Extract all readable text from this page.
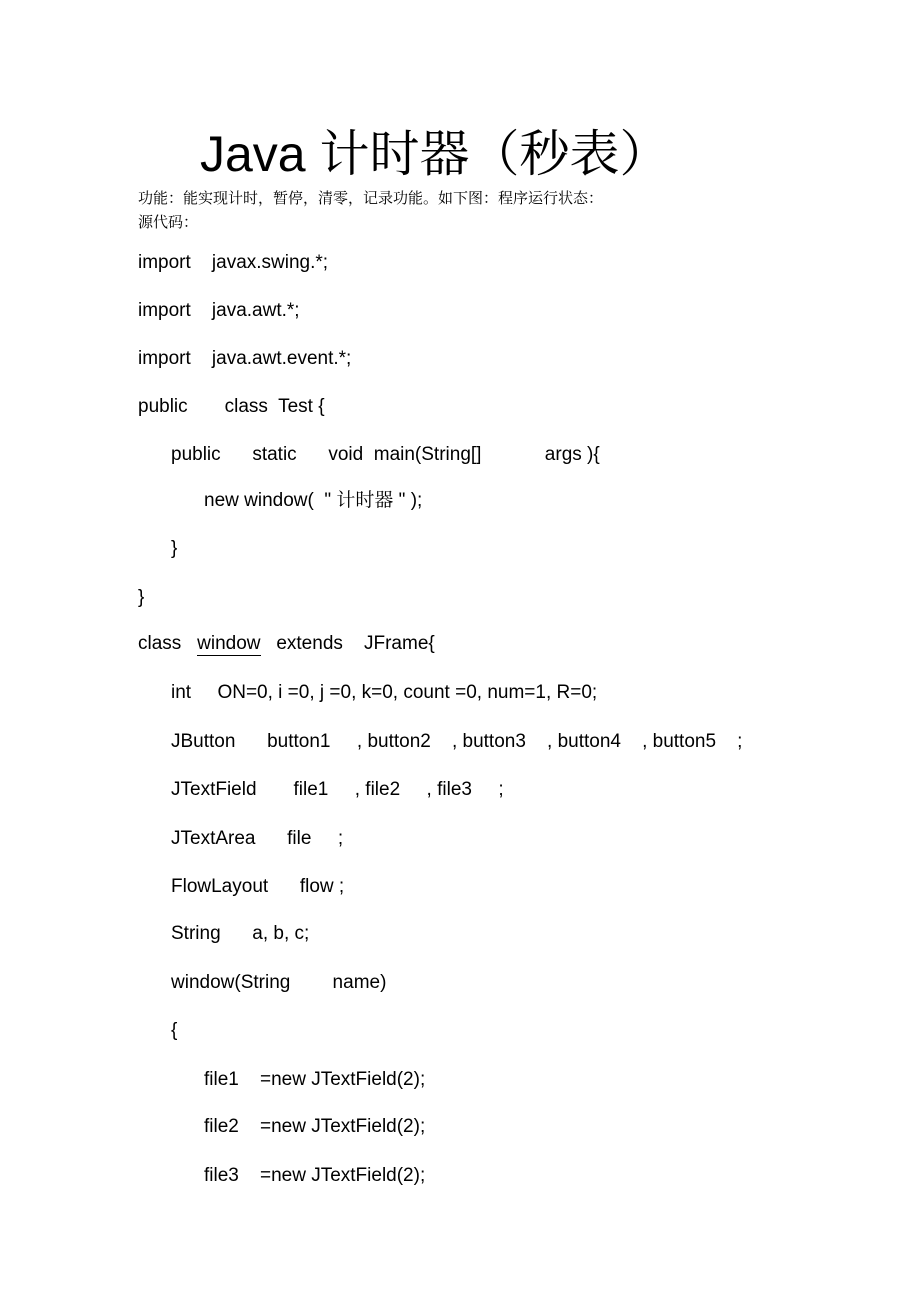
Java 计时器（秒表）
功能：能实现计时，暂停，清零，记录功能。如下图：程序运行状态：
源代码：
import    javax.swing.*;
import    java.awt.*;
import    java.awt.event.*;
public       class  Test {
public      static      void  main(String[]            args ){
new window(  " 计时器 " );
}
}
class   window   extends    JFrame{
int     ON=0, i =0, j =0, k=0, count =0, num=1, R=0;
JButton      button1     , button2    , button3    , button4    , button5    ;
JTextField       file1     , file2     , file3     ;
JTextArea      file     ;
FlowLayout      flow ;
String      a, b, c;
window(String        name)
{
file1    =new JTextField(2);
file2    =new JTextField(2);
file3    =new JTextField(2);
